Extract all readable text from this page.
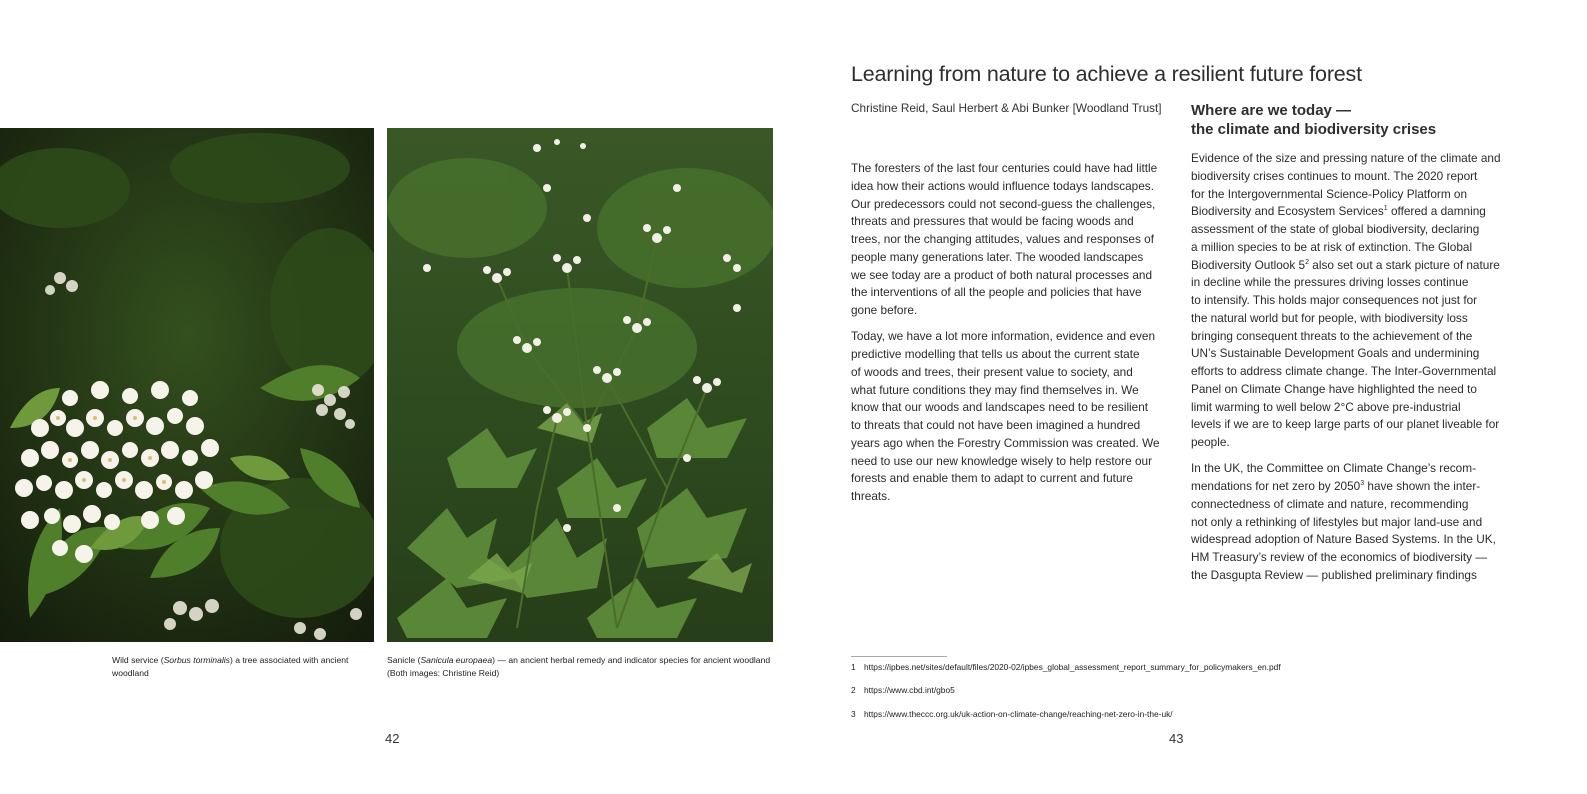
Wild service (Sorbus torminalis) a tree associated with ancient woodland
Sanicle (Sanicula europaea) — an ancient herbal remedy and indicator species for ancient woodland
(Both images: Christine Reid)
42
Learning from nature to achieve a resilient future forest
Christine Reid, Saul Herbert & Abi Bunker [Woodland Trust] Where are we today —
the climate and biodiversity crises

The foresters of the last four centuries could have had little
idea how their actions would influence todays landscapes.
Our predecessors could not second-guess the challenges,
threats and pressures that would be facing woods and
trees, nor the changing attitudes, values and responses of
people many generations later. The wooded landscapes
we see today are a product of both natural processes and
the interventions of all the people and policies that have
gone before.

Today, we have a lot more information, evidence and even
predictive modelling that tells us about the current state
of woods and trees, their present value to society, and
what future conditions they may find themselves in. We
know that our woods and landscapes need to be resilient
to threats that could not have been imagined a hundred
years ago when the Forestry Commission was created. We
need to use our new knowledge wisely to help restore our
forests and enable them to adapt to current and future
threats.

Evidence of the size and pressing nature of the climate and
biodiversity crises continues to mount. The 2020 report
for the Intergovernmental Science-Policy Platform on
Biodiversity and Ecosystem Services$^1$ offered a damning
assessment of the state of global biodiversity, declaring
a million species to be at risk of extinction. The Global
Biodiversity Outlook $5^2$ also set out a stark picture of nature
in decline while the pressures driving losses continue
to intensify. This holds major consequences not just for
the natural world but for people, with biodiversity loss
bringing consequent threats to the achievement of the
UN’s Sustainable Development Goals and undermining
efforts to address climate change. The Inter-Governmental
Panel on Climate Change have highlighted the need to
limit warming to well below 2°C above pre-industrial
levels if we are to keep large parts of our planet liveable for
people.

In the UK, the Committee on Climate Change’s recom-
mendations for net zero by 2050$^3$ have shown the inter-
connectedness of climate and nature, recommending
not only a rethinking of lifestyles but major land-use and
widespread adoption of Nature Based Systems. In the UK,
HM Treasury’s review of the economics of biodiversity —
the Dasgupta Review — published preliminary findings

1 https://ipbes.net/sites/default/files/2020-02/ipbes_global_assessment_report_summary_for_policymakers_en.pdf
2 https://www.cbd.int/gbo5
3 https://www.theccc.org.uk/uk-action-on-climate-change/reaching-net-zero-in-the-uk/
43
